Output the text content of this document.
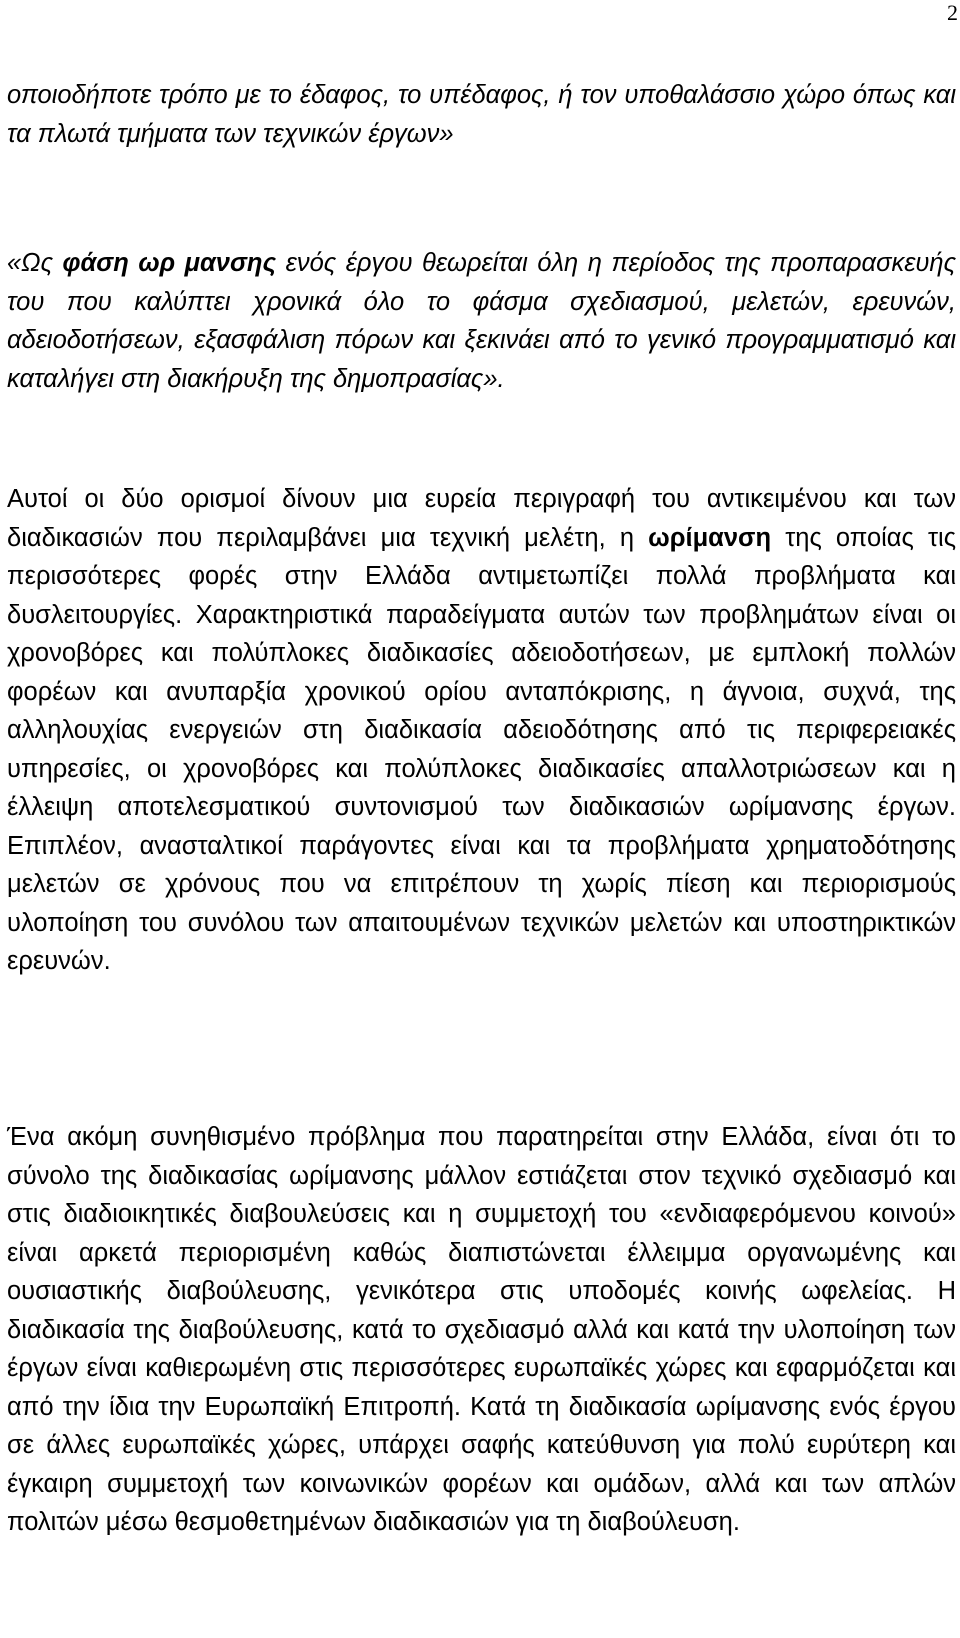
2

οποιοδήποτε τρόπο με το έδαφος, το υπέδαφος, ή τον υποθαλάσσιο χώρο όπως και τα πλωτά τμήματα των τεχνικών έργων»

«Ως φάση ωρ μανσης ενός έργου θεωρείται όλη η περίοδος της προπαρασκευής του που καλύπτει χρονικά όλο το φάσμα σχεδιασμού, μελετών, ερευνών, αδειοδοτήσεων, εξασφάλιση πόρων και ξεκινάει από το γενικό προγραμματισμό και καταλήγει στη διακήρυξη της δημοπρασίας».

Αυτοί οι δύο ορισμοί δίνουν μια ευρεία περιγραφή του αντικειμένου και των διαδικασιών που περιλαμβάνει μια τεχνική μελέτη, η ωρίμανση της οποίας τις περισσότερες φορές στην Ελλάδα αντιμετωπίζει πολλά προβλήματα και δυσλειτουργίες. Χαρακτηριστικά παραδείγματα αυτών των προβλημάτων είναι οι χρονοβόρες και πολύπλοκες διαδικασίες αδειοδοτήσεων, με εμπλοκή πολλών φορέων και ανυπαρξία χρονικού ορίου ανταπόκρισης, η άγνοια, συχνά, της αλληλουχίας ενεργειών στη διαδικασία αδειοδότησης από τις περιφερειακές υπηρεσίες, οι χρονοβόρες και πολύπλοκες διαδικασίες απαλλοτριώσεων και η έλλειψη αποτελεσματικού συντονισμού των διαδικασιών ωρίμανσης έργων. Επιπλέον, ανασταλτικοί παράγοντες είναι και τα προβλήματα χρηματοδότησης μελετών σε χρόνους που να επιτρέπουν τη χωρίς πίεση και περιορισμούς υλοποίηση του συνόλου των απαιτουμένων τεχνικών μελετών και υποστηρικτικών ερευνών.

Ένα ακόμη συνηθισμένο πρόβλημα που παρατηρείται στην Ελλάδα, είναι ότι το σύνολο της διαδικασίας ωρίμανσης μάλλον εστιάζεται στον τεχνικό σχεδιασμό και στις διαδιοικητικές διαβουλεύσεις και η συμμετοχή του «ενδιαφερόμενου κοινού» είναι αρκετά περιορισμένη καθώς διαπιστώνεται έλλειμμα οργανωμένης και ουσιαστικής διαβούλευσης, γενικότερα στις υποδομές κοινής ωφελείας. Η διαδικασία της διαβούλευσης, κατά το σχεδιασμό αλλά και κατά την υλοποίηση των έργων είναι καθιερωμένη στις περισσότερες ευρωπαϊκές χώρες και εφαρμόζεται και από την ίδια την Ευρωπαϊκή Επιτροπή. Κατά τη διαδικασία ωρίμανσης ενός έργου σε άλλες ευρωπαϊκές χώρες, υπάρχει σαφής κατεύθυνση για πολύ ευρύτερη και έγκαιρη συμμετοχή των κοινωνικών φορέων και ομάδων, αλλά και των απλών πολιτών μέσω θεσμοθετημένων διαδικασιών για τη διαβούλευση.
